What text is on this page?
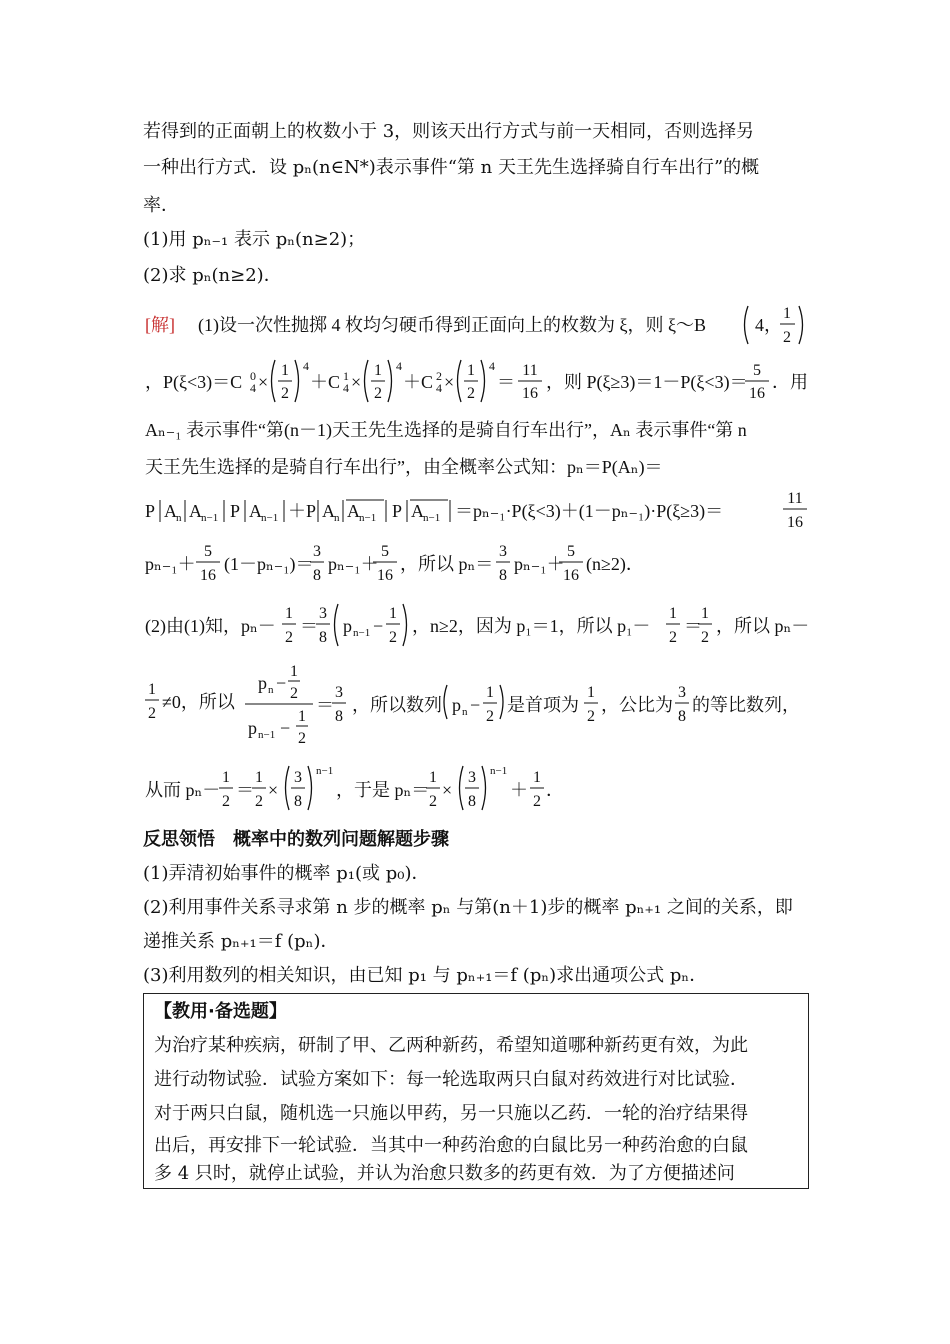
若得到的正面朝上的枚数小于 3，则该天出行方式与前一天相同，否则选择另
一种出行方式．设 pₙ(n∈N*)表示事件“第 n 天王先生选择骑自行车出行”的概
率．
(1)用 pₙ₋₁ 表示 pₙ(n≥2)；
(2)求 pₙ(n≥2)．
[解] (1)设一次性抛掷 4 枚均匀硬币得到正面向上的枚数为 ξ，则 ξ～B	4，
1
2
，P(ξ<3)＝C 0
4 ×
1
2
4
＋C 1
4 ×
1
2
4
＋C 2
4 ×
1
2
4
＝
11
16
，则 P(ξ≥3)＝1－P(ξ<3)＝
5
16
．用
Aₙ₋₁ 表示事件“第(n－1)天王先生选择的是骑自行车出行”，Aₙ 表示事件“第 n
天王先生选择的是骑自行车出行”，由全概率公式知：pₙ＝P(Aₙ)＝
P A n A n−1 P A n−1 ＋P A n A n−1 P A n−1 ＝pₙ₋₁·P(ξ<3)＋(1－pₙ₋₁)·P(ξ≥3)＝
11
16
pₙ₋₁＋
5
16
(1－pₙ₋₁)＝
3
8
pₙ₋₁＋
5
16
，所以 pₙ＝
3
8
pₙ₋₁＋
5
16
(n≥2)．
(2)由(1)知，pₙ－
1
2
＝
3
8
p n−1 −
1
2
，n≥2，因为 p₁＝1，所以 p₁－
1
2
＝
1
2
，所以 pₙ－
1
2
≠0，所以
p n −
1
2
p n−1 −
1
2
＝
3
8
，所以数列 p n −
1
2
是首项为
1
2
，公比为
3
8
的等比数列，
从而 pₙ－
1
2
＝
1
2
×
3
8
n−1
，于是 pₙ＝
1
2
×
3
8
n−1
＋
1
2
．
反思领悟　概率中的数列问题解题步骤
(1)弄清初始事件的概率 p₁(或 p₀)．
(2)利用事件关系寻求第 n 步的概率 pₙ 与第(n＋1)步的概率 pₙ₊₁ 之间的关系，即
递推关系 pₙ₊₁＝f (pₙ)．
(3)利用数列的相关知识，由已知 p₁ 与 pₙ₊₁＝f (pₙ)求出通项公式 pₙ．
【教用·备选题】
为治疗某种疾病，研制了甲、乙两种新药，希望知道哪种新药更有效，为此
进行动物试验．试验方案如下：每一轮选取两只白鼠对药效进行对比试验．
对于两只白鼠，随机选一只施以甲药，另一只施以乙药．一轮的治疗结果得
出后，再安排下一轮试验．当其中一种药治愈的白鼠比另一种药治愈的白鼠
多 4 只时，就停止试验，并认为治愈只数多的药更有效．为了方便描述问
